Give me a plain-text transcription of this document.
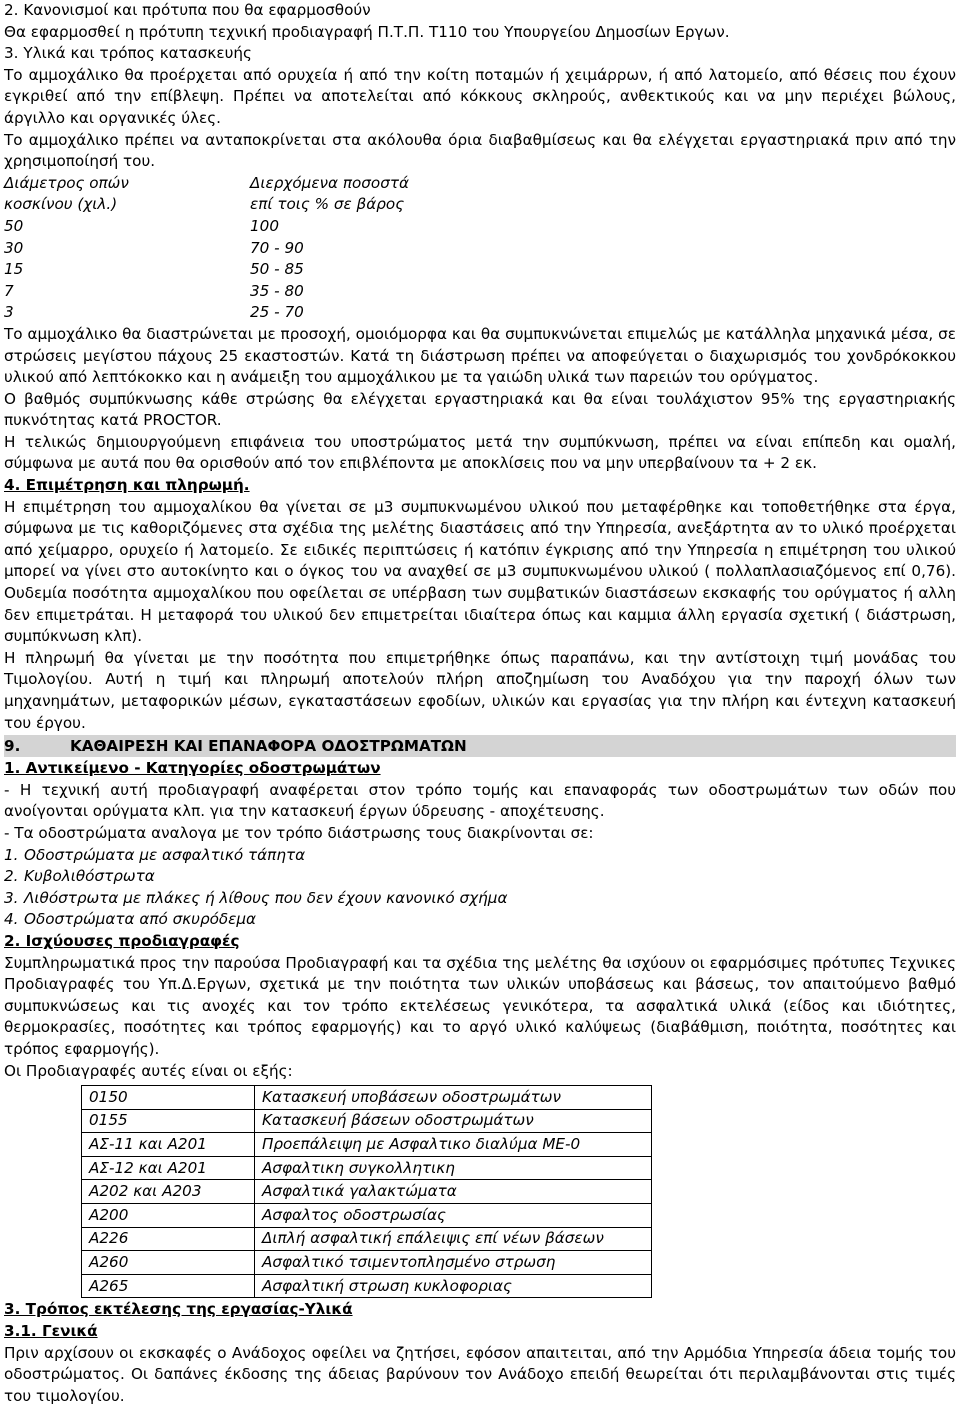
2. Κανονισμοί και πρότυπα που θα εφαρμοσθούν
Θα εφαρμοσθεί η πρότυπη τεχνική προδιαγραφή Π.Τ.Π. Τ110 του Υπουργείου Δημοσίων Εργων.
3. Υλικά και τρόπος κατασκευής

Το αμμοχάλικο θα προέρχεται από ορυχεία ή από την κοίτη ποταμών ή χειμάρρων, ή από λατομείο, από θέσεις που έχουν εγκριθεί από την επίβλεψη. Πρέπει να αποτελείται από κόκκους σκληρούς, ανθεκτικούς και να μην περιέχει βώλους, άργιλλο και οργανικές ύλες.

Το αμμοχάλικο πρέπει να ανταποκρίνεται στα ακόλουθα όρια διαβαθμίσεως και θα ελέγχεται εργαστηριακά πριν από την χρησιμοποίησή του.

Διάμετρος οπών	Διερχόμενα ποσοστά
κοσκίνου (χιλ.)	επί τοις % σε βάρος
50	100
30	70 - 90
15	50 - 85
7	35 - 80
3	25 - 70

Το αμμοχάλικο θα διαστρώνεται με προσοχή, ομοιόμορφα και θα συμπυκνώνεται επιμελώς με κατάλληλα μηχανικά μέσα, σε στρώσεις μεγίστου πάχους 25 εκαστοστών. Κατά τη διάστρωση πρέπει να αποφεύγεται ο διαχωρισμός του χονδρόκοκκου υλικού από λεπτόκοκκο και η ανάμειξη του αμμοχάλικου με τα γαιώδη υλικά των παρειών του ορύγματος.

Ο βαθμός συμπύκνωσης κάθε στρώσης θα ελέγχεται εργαστηριακά και θα είναι τουλάχιστον 95% της εργαστηριακής πυκνότητας κατά PROCTOR.

Η τελικώς δημιουργούμενη επιφάνεια του υποστρώματος μετά την συμπύκνωση, πρέπει να είναι επίπεδη και ομαλή, σύμφωνα με αυτά που θα ορισθούν από τον επιβλέποντα με αποκλίσεις που να μην υπερβαίνουν τα + 2 εκ.

4. Επιμέτρηση και πληρωμή.

Η επιμέτρηση του αμμοχαλίκου θα γίνεται σε μ3 συμπυκνωμένου υλικού που μεταφέρθηκε και τοποθετήθηκε στα έργα, σύμφωνα με τις καθοριζόμενες στα σχέδια της μελέτης διαστάσεις από την Υπηρεσία, ανεξάρτητα αν το υλικό προέρχεται από χείμαρρο, ορυχείο ή λατομείο. Σε ειδικές περιπτώσεις ή κατόπιν έγκρισης από την Υπηρεσία η επιμέτρηση του υλικού μπορεί να γίνει στο αυτοκίνητο και ο όγκος του να αναχθεί σε μ3 συμπυκνωμένου υλικού ( πολλαπλασιαζόμενος επί 0,76). Ουδεμία ποσότητα αμμοχαλίκου που οφείλεται σε υπέρβαση των συμβατικών διαστάσεων εκσκαφής του ορύγματος ή αλλη δεν επιμετράται. Η μεταφορά του υλικού δεν επιμετρείται ιδιαίτερα όπως και καμμια άλλη εργασία σχετική ( διάστρωση, συμπύκνωση κλπ).

Η πληρωμή θα γίνεται με την ποσότητα που επιμετρήθηκε όπως παραπάνω, και την αντίστοιχη τιμή μονάδας του Τιμολογίου. Αυτή η τιμή και πληρωμή αποτελούν πλήρη αποζημίωση του Αναδόχου για την παροχή όλων των μηχανημάτων, μεταφορικών μέσων, εγκαταστάσεων εφοδίων, υλικών και εργασίας για την πλήρη και έντεχνη κατασκευή του έργου.

9.	ΚΑΘΑΙΡΕΣΗ ΚΑΙ ΕΠΑΝΑΦΟΡΑ ΟΔΟΣΤΡΩΜΑΤΩΝ
1. Αντικείμενο - Κατηγορίες οδοστρωμάτων

- Η τεχνική αυτή προδιαγραφή αναφέρεται στον τρόπο τομής και επαναφοράς των οδοστρωμάτων των οδών που ανοίγονται ορύγματα κλπ. για την κατασκευή έργων ύδρευσης - αποχέτευσης.

- Τα οδοστρώματα αναλογα με τον τρόπο διάστρωσης τους διακρίνονται σε:

1. Οδοστρώματα με ασφαλτικό τάπητα
2. Κυβολιθόστρωτα
3. Λιθόστρωτα με πλάκες ή λίθους που δεν έχουν κανονικό σχήμα
4. Οδοστρώματα από σκυρόδεμα
2. Ισχύουσες προδιαγραφές

Συμπληρωματικά προς την παρούσα Προδιαγραφή και τα σχέδια της μελέτης θα ισχύουν οι εφαρμόσιμες πρότυπες Τεχνικες Προδιαγραφές του Υπ.Δ.Εργων, σχετικά με την ποιότητα των υλικών υποβάσεως και βάσεως, τον απαιτούμενο βαθμό συμπυκνώσεως και τις ανοχές και τον τρόπο εκτελέσεως γενικότερα, τα ασφαλτικά υλικά (είδος και ιδιότητες, θερμοκρασίες, ποσότητες και τρόπος εφαρμογής) και το αργό υλικό καλύψεως (διαβάθμιση, ποιότητα, ποσότητες και τρόπος εφαρμογής).

Οι Προδιαγραφές αυτές είναι οι εξής:

0150	Κατασκευή υποβάσεων οδοστρωμάτων
0155	Κατασκευή βάσεων οδοστρωμάτων
ΑΣ-11 και Α201	Προεπάλειψη με Ασφαλτικο διαλύμα ΜΕ-0
ΑΣ-12 και Α201	Ασφαλτικη συγκολλητικη
Α202 και Α203	Ασφαλτικά γαλακτώματα
Α200	Ασφαλτος οδοστρωσίας
Α226	Διπλή ασφαλτική επάλειψις επί νέων βάσεων
Α260	Ασφαλτικό τσιμεντοπλησμένο στρωση
Α265	Ασφαλτική στρωση κυκλοφοριας
3. Τρόπος εκτέλεσης της εργασίας-Υλικά
3.1. Γενικά

Πριν αρχίσουν οι εκσκαφές ο Ανάδοχος οφείλει να ζητήσει, εφόσον απαιτειται, από την Αρμόδια Υπηρεσία άδεια τομής του οδοστρώματος. Οι δαπάνες έκδοσης της άδειας βαρύνουν τον Ανάδοχο επειδή θεωρείται ότι περιλαμβάνονται στις τιμές του τιμολογίου.
